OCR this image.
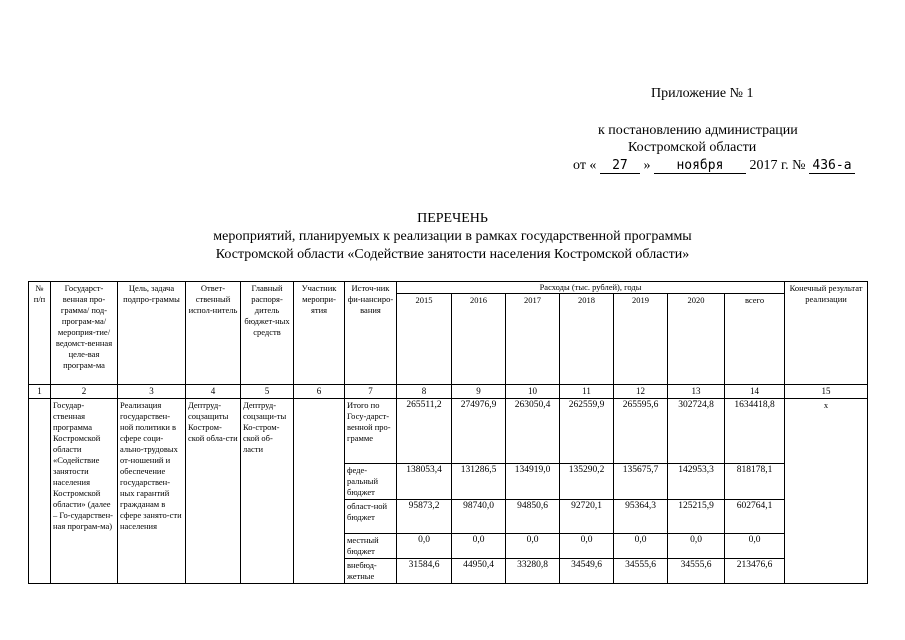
Приложение № 1
к постановлению администрации
Костромской области
от « 27 » ноября 2017 г. № 436-а
ПЕРЕЧЕНЬ
мероприятий, планируемых к реализации в рамках государственной программы
Костромской области «Содействие занятости населения Костромской области»
№ п/п	Государст-венная про-грамма/ под-програм-ма/мероприя-тие/ведомст-венная целе-вая програм-ма	Цель, задача подпро-граммы	Ответ-ственный испол-нитель	Главный распоря-дитель бюджет-ных средств	Участник меропри-ятия	Источ-ник фи-нансиро-вания	Расходы (тыс. рублей), годы							Конечный результат реализации
							2015	2016	2017	2018	2019	2020	всего	
1	2	3	4	5	6	7	8	9	10	11	12	13	14	15
	Государ-ственная программа Костромской области «Содействие занятости населения Костромской области» (далее – Го-сударствен-ная програм-ма)	Реализация государствен-ной политики в сфере соци-ально-трудовых от-ношений и обеспечение государствен-ных гарантий гражданам в сфере занято-сти населения	Дептруд-соцзащиты Костром-ской обла-сти	Дептруд-соцзащи-ты Ко-стром-ской об-ласти		Итого по Госу-дарст-венной про-грамме	265511,2	274976,9	263050,4	262559,9	265595,6	302724,8	1634418,8	х
						феде-ральный бюджет	138053,4	131286,5	134919,0	135290,2	135675,7	142953,3	818178,1	
						област-ной бюджет	95873,2	98740,0	94850,6	92720,1	95364,3	125215,9	602764,1	
						местный бюджет	0,0	0,0	0,0	0,0	0,0	0,0	0,0	
						внебюд-жетные	31584,6	44950,4	33280,8	34549,6	34555,6	34555,6	213476,6	
